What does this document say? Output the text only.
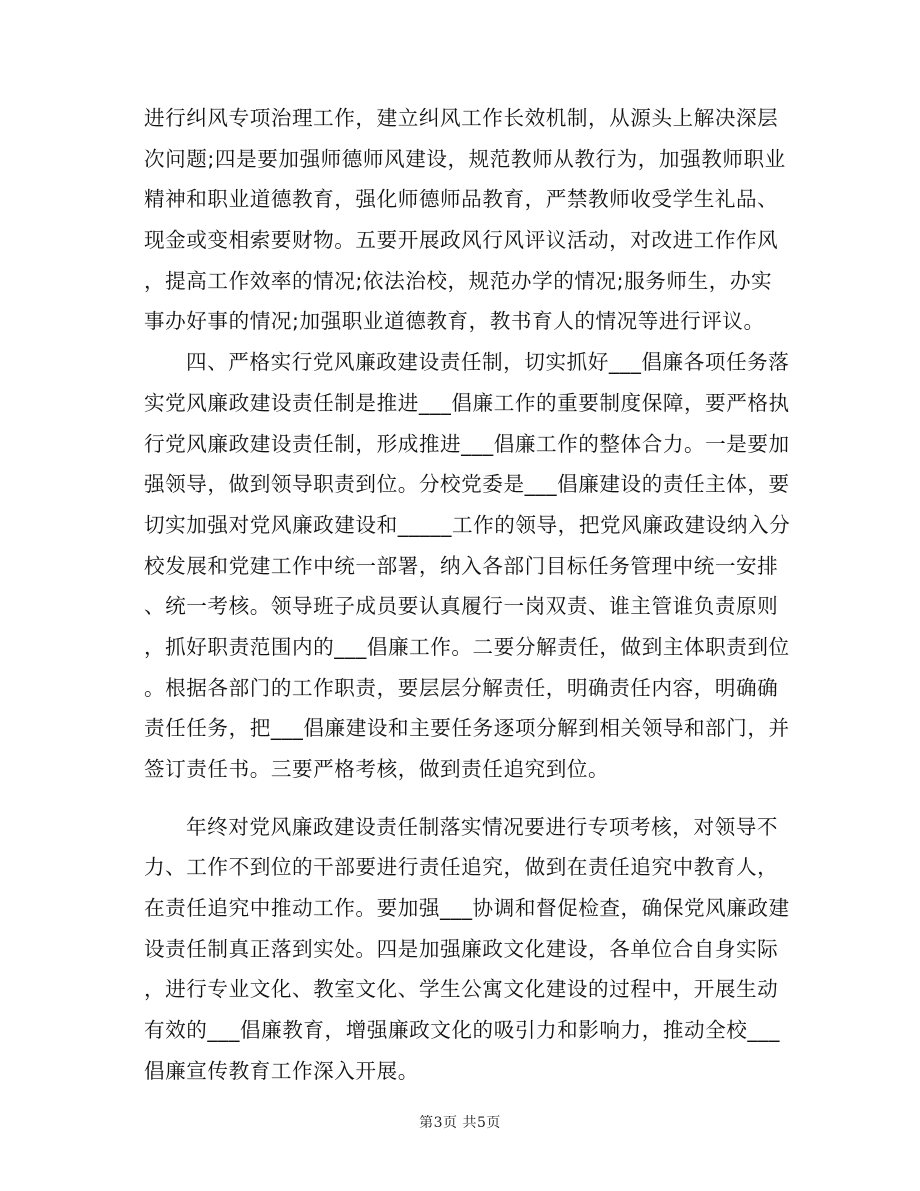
进行纠风专项治理工作，建立纠风工作长效机制，从源头上解决深层
次问题;四是要加强师德师风建设，规范教师从教行为，加强教师职业
精神和职业道德教育，强化师德师品教育，严禁教师收受学生礼品、
现金或变相索要财物。五要开展政风行风评议活动，对改进工作作风
，提高工作效率的情况;依法治校，规范办学的情况;服务师生，办实
事办好事的情况;加强职业道德教育，教书育人的情况等进行评议。
四、严格实行党风廉政建设责任制，切实抓好___倡廉各项任务落
实党风廉政建设责任制是推进___倡廉工作的重要制度保障，要严格执
行党风廉政建设责任制，形成推进___倡廉工作的整体合力。一是要加
强领导，做到领导职责到位。分校党委是___倡廉建设的责任主体，要
切实加强对党风廉政建设和_____工作的领导，把党风廉政建设纳入分
校发展和党建工作中统一部署，纳入各部门目标任务管理中统一安排
、统一考核。领导班子成员要认真履行一岗双责、谁主管谁负责原则
，抓好职责范围内的___倡廉工作。二要分解责任，做到主体职责到位
。根据各部门的工作职责，要层层分解责任，明确责任内容，明确确
责任任务，把___倡廉建设和主要任务逐项分解到相关领导和部门，并
签订责任书。三要严格考核，做到责任追究到位。
年终对党风廉政建设责任制落实情况要进行专项考核，对领导不
力、工作不到位的干部要进行责任追究，做到在责任追究中教育人，
在责任追究中推动工作。要加强___协调和督促检查，确保党风廉政建
设责任制真正落到实处。四是加强廉政文化建设，各单位合自身实际
，进行专业文化、教室文化、学生公寓文化建设的过程中，开展生动
有效的___倡廉教育，增强廉政文化的吸引力和影响力，推动全校___
倡廉宣传教育工作深入开展。
第3页 共5页
